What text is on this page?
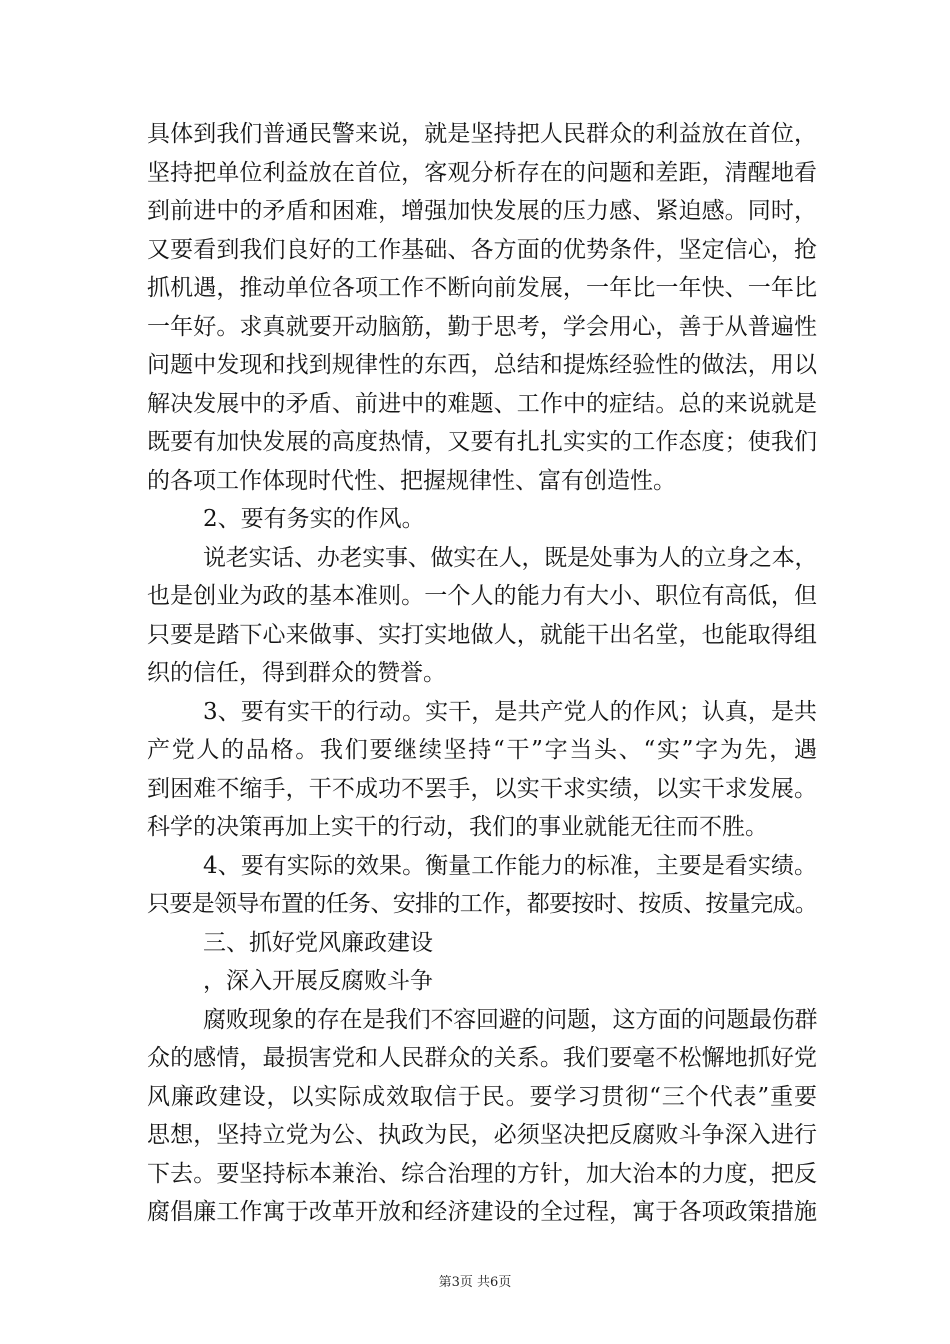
具体到我们普通民警来说，就是坚持把人民群众的利益放在首位，
坚持把单位利益放在首位，客观分析存在的问题和差距，清醒地看
到前进中的矛盾和困难，增强加快发展的压力感、紧迫感。同时，
又要看到我们良好的工作基础、各方面的优势条件，坚定信心，抢
抓机遇，推动单位各项工作不断向前发展，一年比一年快、一年比
一年好。求真就要开动脑筋，勤于思考，学会用心，善于从普遍性
问题中发现和找到规律性的东西，总结和提炼经验性的做法，用以
解决发展中的矛盾、前进中的难题、工作中的症结。总的来说就是
既要有加快发展的高度热情，又要有扎扎实实的工作态度；使我们
的各项工作体现时代性、把握规律性、富有创造性。
2、要有务实的作风。
说老实话、办老实事、做实在人，既是处事为人的立身之本，
也是创业为政的基本准则。一个人的能力有大小、职位有高低，但
只要是踏下心来做事、实打实地做人，就能干出名堂，也能取得组
织的信任，得到群众的赞誉。
3、要有实干的行动。实干，是共产党人的作风；认真，是共
产党人的品格。我们要继续坚持“干”字当头、“实”字为先，遇
到困难不缩手，干不成功不罢手，以实干求实绩，以实干求发展。
科学的决策再加上实干的行动，我们的事业就能无往而不胜。
4、要有实际的效果。衡量工作能力的标准，主要是看实绩。
只要是领导布置的任务、安排的工作，都要按时、按质、按量完成。
三、抓好党风廉政建设
，深入开展反腐败斗争
腐败现象的存在是我们不容回避的问题，这方面的问题最伤群
众的感情，最损害党和人民群众的关系。我们要毫不松懈地抓好党
风廉政建设，以实际成效取信于民。要学习贯彻“三个代表”重要
思想，坚持立党为公、执政为民，必须坚决把反腐败斗争深入进行
下去。要坚持标本兼治、综合治理的方针，加大治本的力度，把反
腐倡廉工作寓于改革开放和经济建设的全过程，寓于各项政策措施
第3页 共6页
